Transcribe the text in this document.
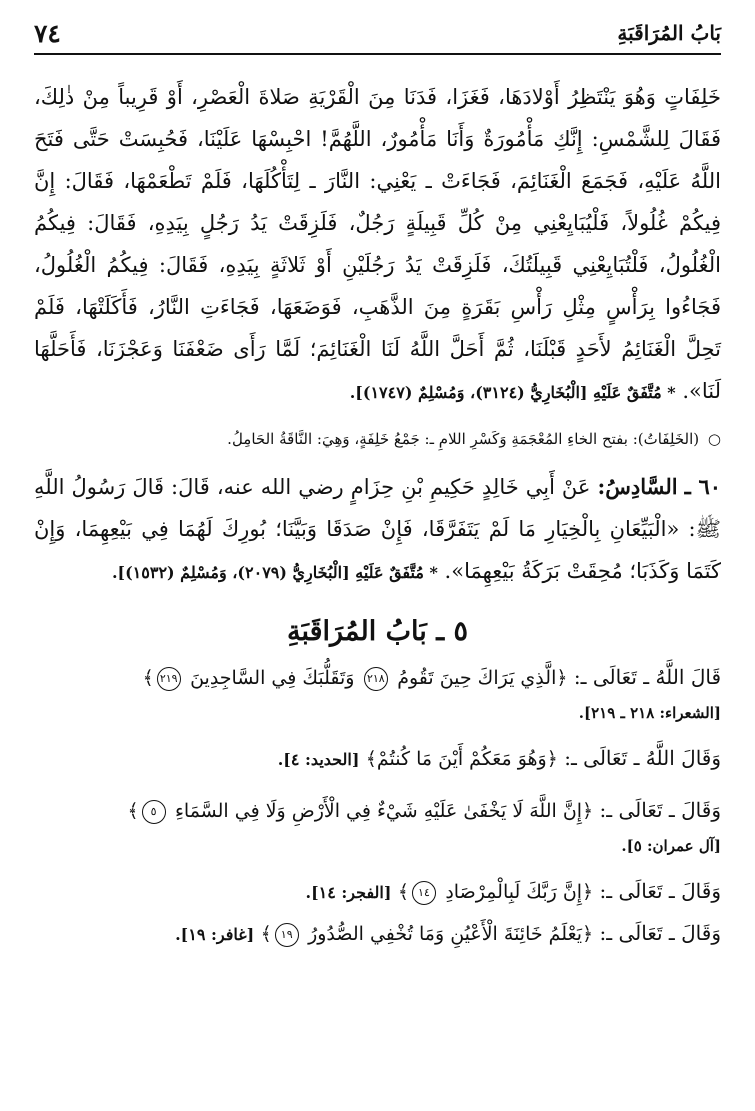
٧٤	بَابُ المُرَاقَبَةِ

خَلِفَاتٍ وَهُوَ يَنْتَظِرُ أَوْلادَهَا، فَغَزَا، فَدَنَا مِنَ الْقَرْيَةِ صَلاةَ الْعَصْرِ، أَوْ قَرِيباً مِنْ ذٰلِكَ، فَقَالَ لِلشَّمْسِ: إِنَّكِ مَأْمُورَةٌ وَأَنَا مَأْمُورٌ، اللَّهُمَّ! احْبِسْهَا عَلَيْنَا، فَحُبِسَتْ حَتَّى فَتَحَ اللَّهُ عَلَيْهِ، فَجَمَعَ الْغَنَائِمَ، فَجَاءَتْ ـ يَعْنِي: النَّارَ ـ لِتَأْكُلَهَا، فَلَمْ تَطْعَمْهَا، فَقَالَ: إِنَّ فِيكُمْ غُلُولاً، فَلْيُبَايِعْنِي مِنْ كُلِّ قَبِيلَةٍ رَجُلٌ، فَلَزِقَتْ يَدُ رَجُلٍ بِيَدِهِ، فَقَالَ: فِيكُمُ الْغُلُولُ، فَلْتُبَايِعْنِي قَبِيلَتُكَ، فَلَزِقَتْ يَدُ رَجُلَيْنِ أَوْ ثَلاثَةٍ بِيَدِهِ، فَقَالَ: فِيكُمُ الْغُلُولُ، فَجَاءُوا بِرَأْسٍ مِثْلِ رَأْسِ بَقَرَةٍ مِنَ الذَّهَبِ، فَوَضَعَهَا، فَجَاءَتِ النَّارُ، فَأَكَلَتْهَا، فَلَمْ تَحِلَّ الْغَنَائِمُ لأَحَدٍ قَبْلَنَا، ثُمَّ أَحَلَّ اللَّهُ لَنَا الْغَنَائِمَ؛ لَمَّا رَأَى ضَعْفَنَا وَعَجْزَنَا، فَأَحَلَّهَا لَنَا». * مُتَّفَقٌ عَلَيْهِ [الْبُخَارِيُّ (٣١٢٤)، وَمُسْلِمٌ (١٧٤٧)].

○ (الخَلِفَاتُ): بفتح الخاءِ المُعْجَمَةِ وَكَسْرِ اللامِ ـ: جَمْعُ خَلِفَةٍ، وَهِيَ: النَّاقَةُ الحَامِلُ.

٦٠ ـ السَّادِسُ: عَنْ أَبِي خَالِدٍ حَكِيمِ بْنِ حِزَامٍ رضي الله عنه، قَالَ: قَالَ رَسُولُ اللَّهِ ﷺ: «الْبَيِّعَانِ بِالْخِيَارِ مَا لَمْ يَتَفَرَّقَا، فَإِنْ صَدَقَا وَبَيَّنَا؛ بُورِكَ لَهُمَا فِي بَيْعِهِمَا، وَإِنْ كَتَمَا وَكَذَبَا؛ مُحِقَتْ بَرَكَةُ بَيْعِهِمَا». * مُتَّفَقٌ عَلَيْهِ [الْبُخَارِيُّ (٢٠٧٩)، وَمُسْلِمٌ (١٥٣٢)].

٥ ـ بَابُ المُرَاقَبَةِ

قَالَ اللَّهُ ـ تَعَالَى ـ: ﴿الَّذِي يَرَاكَ حِينَ تَقُومُ ٢١٨ وَتَقَلُّبَكَ فِي السَّاجِدِينَ ٢١٩﴾

[الشعراء: ٢١٨ ـ ٢١٩].

وَقَالَ اللَّهُ ـ تَعَالَى ـ: ﴿وَهُوَ مَعَكُمْ أَيْنَ مَا كُنتُمْ﴾ [الحديد: ٤].

وَقَالَ ـ تَعَالَى ـ: ﴿إِنَّ اللَّهَ لَا يَخْفَىٰ عَلَيْهِ شَيْءٌ فِي الْأَرْضِ وَلَا فِي السَّمَاءِ ٥﴾

[آل عمران: ٥].

وَقَالَ ـ تَعَالَى ـ: ﴿إِنَّ رَبَّكَ لَبِالْمِرْصَادِ ١٤﴾ [الفجر: ١٤].

وَقَالَ ـ تَعَالَى ـ: ﴿يَعْلَمُ خَائِنَةَ الْأَعْيُنِ وَمَا تُخْفِي الصُّدُورُ ١٩﴾ [غافر: ١٩].
